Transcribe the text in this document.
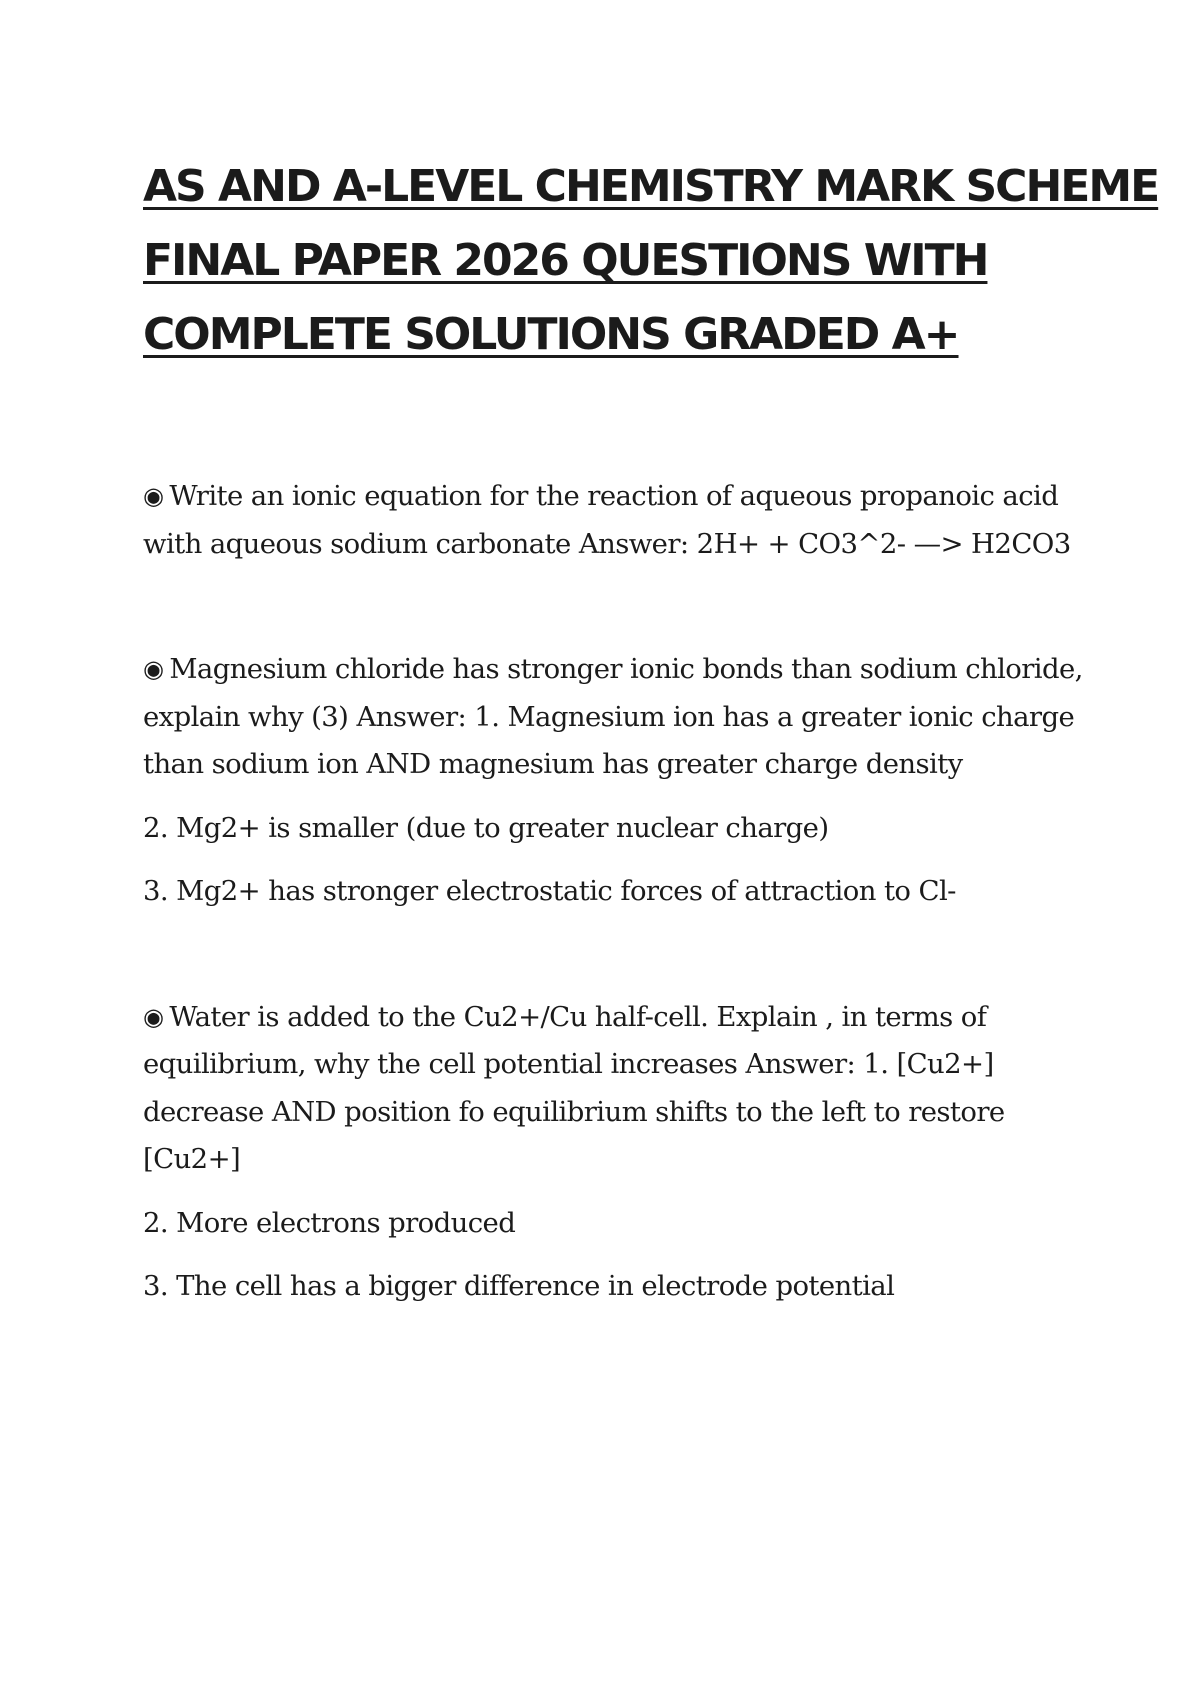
AS AND A-LEVEL CHEMISTRY MARK SCHEME
FINAL PAPER 2026 QUESTIONS WITH
COMPLETE SOLUTIONS GRADED A+

◉ Write an ionic equation for the reaction of aqueous propanoic acid with aqueous sodium carbonate Answer: 2H+ + CO3^2- —> H2CO3

◉ Magnesium chloride has stronger ionic bonds than sodium chloride, explain why (3) Answer: 1. Magnesium ion has a greater ionic charge than sodium ion AND magnesium has greater charge density

2. Mg2+ is smaller (due to greater nuclear charge)

3. Mg2+ has stronger electrostatic forces of attraction to Cl-

◉ Water is added to the Cu2+/Cu half-cell. Explain , in terms of equilibrium, why the cell potential increases Answer: 1. [Cu2+] decrease AND position fo equilibrium shifts to the left to restore [Cu2+]

2. More electrons produced

3. The cell has a bigger difference in electrode potential
